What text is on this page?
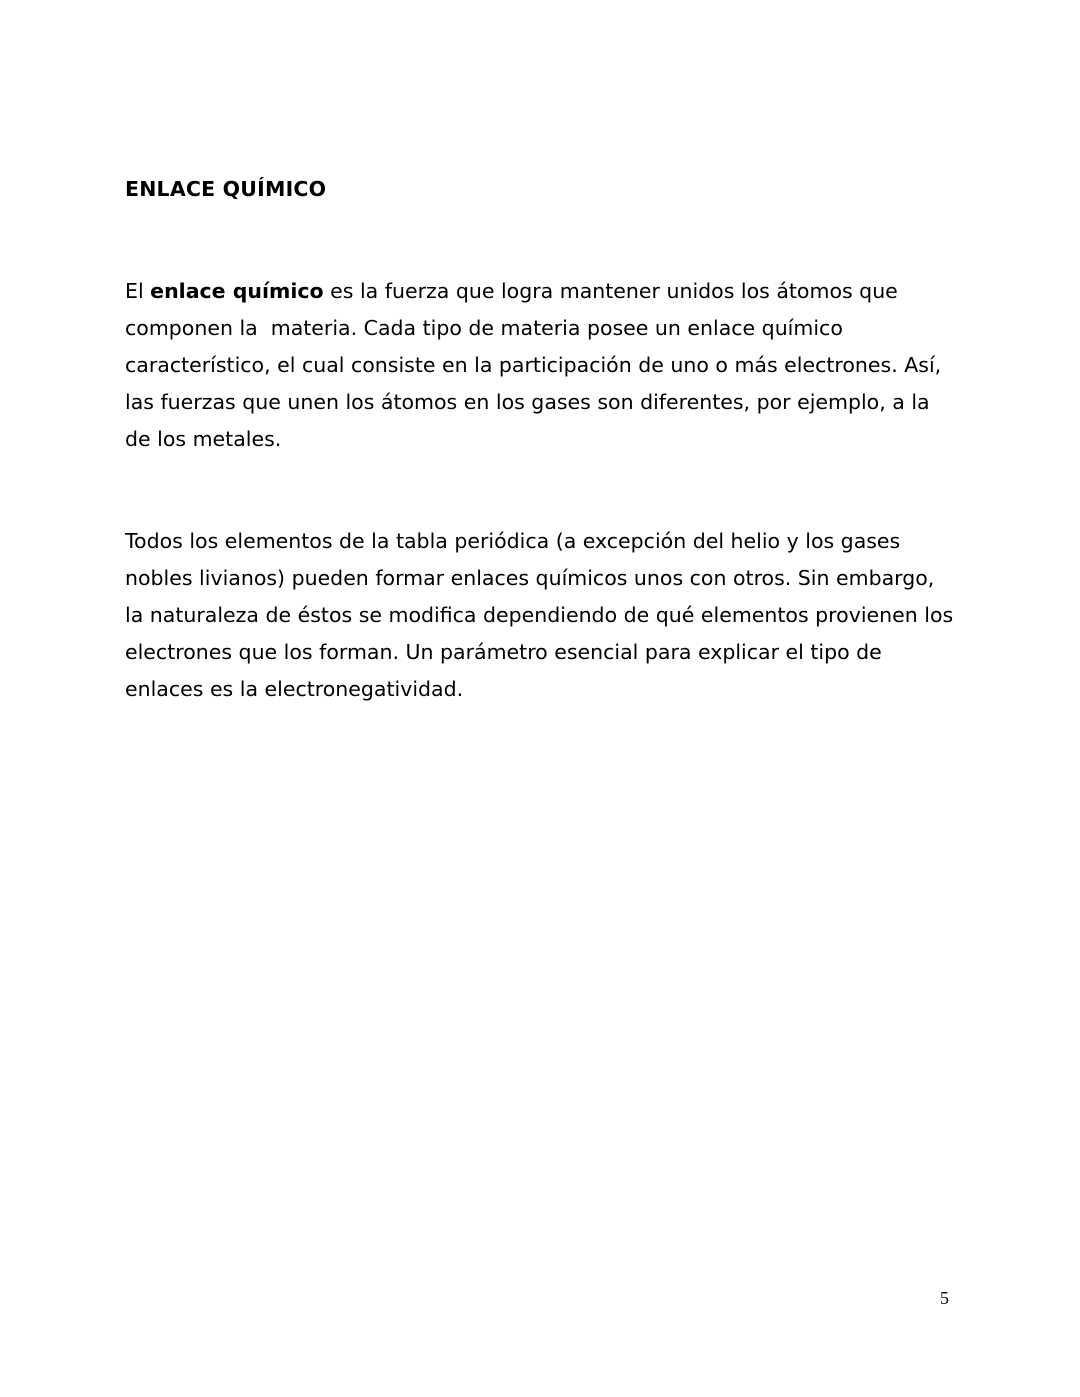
ENLACE QUÍMICO

El enlace químico es la fuerza que logra mantener unidos los átomos que
componen la  materia. Cada tipo de materia posee un enlace químico
característico, el cual consiste en la participación de uno o más electrones. Así,
las fuerzas que unen los átomos en los gases son diferentes, por ejemplo, a la
de los metales.

Todos los elementos de la tabla periódica (a excepción del helio y los gases
nobles livianos) pueden formar enlaces químicos unos con otros. Sin embargo,
la naturaleza de éstos se modifica dependiendo de qué elementos provienen los
electrones que los forman. Un parámetro esencial para explicar el tipo de
enlaces es la electronegatividad.

5
